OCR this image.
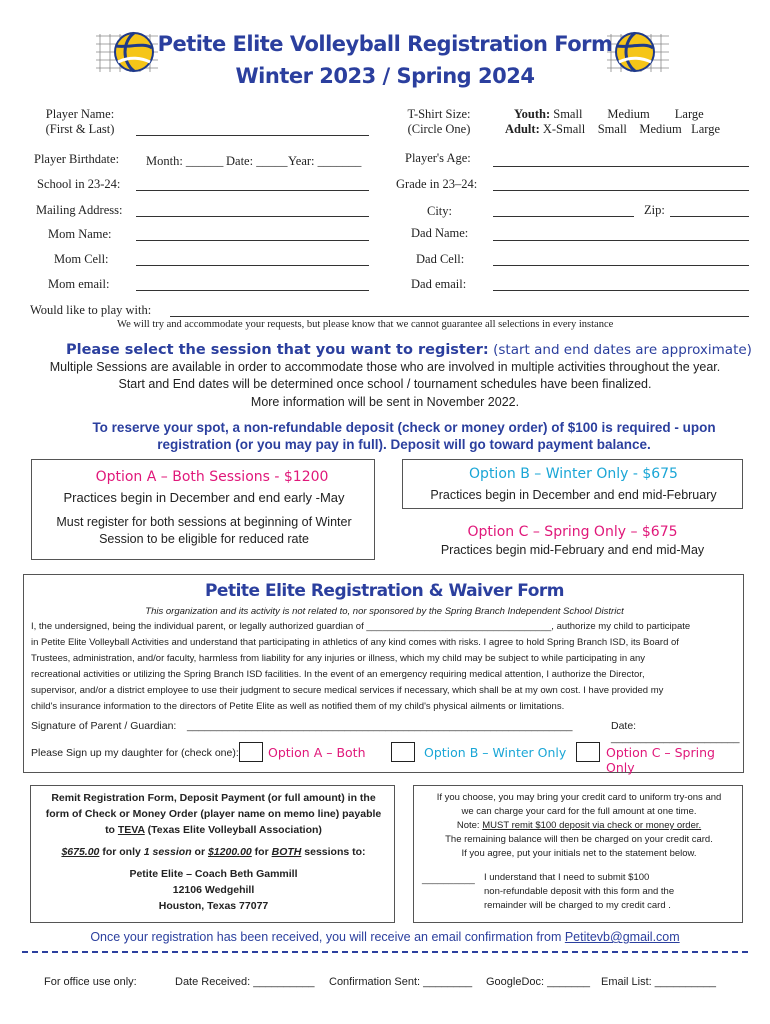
Petite Elite Volleyball Registration Form
Winter 2023 / Spring 2024
Player Name:
(First & Last)
T-Shirt Size:
(Circle One)
Youth: Small        Medium        Large
Adult: X-Small    Small    Medium   Large
Player Birthdate: Month: ______ Date: _____ Year: _______	Player's Age:
School in 23-24:	Grade in 23–24:
Mailing Address:	City:	Zip:
Mom Name:	Dad Name:
Mom Cell:	Dad Cell:
Mom email:	Dad email:
Would like to play with:
We will try and accommodate your requests, but please know that we cannot guarantee all selections in every instance
Please select the session that you want to register: (start and end dates are approximate)
Multiple Sessions are available in order to accommodate those who are involved in multiple activities throughout the year.
Start and End dates will be determined once school / tournament schedules have been finalized.
More information will be sent in November 2022.
To reserve your spot, a non-refundable deposit (check or money order) of $100 is required - upon
registration (or you may pay in full). Deposit will go toward payment balance.
Option A – Both Sessions - $1200
Practices begin in December and end early -May
Must register for both sessions at beginning of Winter
Session to be eligible for reduced rate
Option B – Winter Only - $675
Practices begin in December and end mid-February
Option C – Spring Only – $675
Practices begin mid-February and end mid-May
Petite Elite Registration & Waiver Form
This organization and its activity is not related to, nor sponsored by the Spring Branch Independent School District
I, the undersigned, being the individual parent, or legally authorized guardian of ___________________________________, authorize my child to participate
in Petite Elite Volleyball Activities and understand that participating in athletics of any kind comes with risks. I agree to hold Spring Branch ISD, its Board of
Trustees, administration, and/or faculty, harmless from liability for any injuries or illness, which my child may be subject to while participating in any
recreational activities or utilizing the Spring Branch ISD facilities. In the event of an emergency requiring medical attention, I authorize the Director,
supervisor, and/or a district employee to use their judgment to secure medical services if necessary, which shall be at my own cost. I have provided my
child's insurance information to the directors of Petite Elite as well as notified them of my child's physical ailments or limitations.
Signature of Parent / Guardian: __________________________________________________________________	Date: ______________________
Please Sign up my daughter for (check one): Option A – Both	Option B – Winter Only	Option C – Spring Only
Remit Registration Form, Deposit Payment (or full amount) in the
form of Check or Money Order (player name on memo line) payable
to TEVA (Texas Elite Volleyball Association)
$675.00 for only 1 session or $1200.00 for BOTH sessions to:
Petite Elite – Coach Beth Gammill
12106 Wedgehill
Houston, Texas 77077
If you choose, you may bring your credit card to uniform try-ons and
we can charge your card for the full amount at one time.
Note: MUST remit $100 deposit via check or money order.
The remaining balance will then be charged on your credit card.
If you agree, put your initials net to the statement below.
__________ I understand that I need to submit $100
non-refundable deposit with this form and the
remainder will be charged to my credit card .
Once your registration has been received, you will receive an email confirmation from Petitevb@gmail.com
For office use only:	Date Received: __________ Confirmation Sent: ________ GoogleDoc: _______ Email List: __________
